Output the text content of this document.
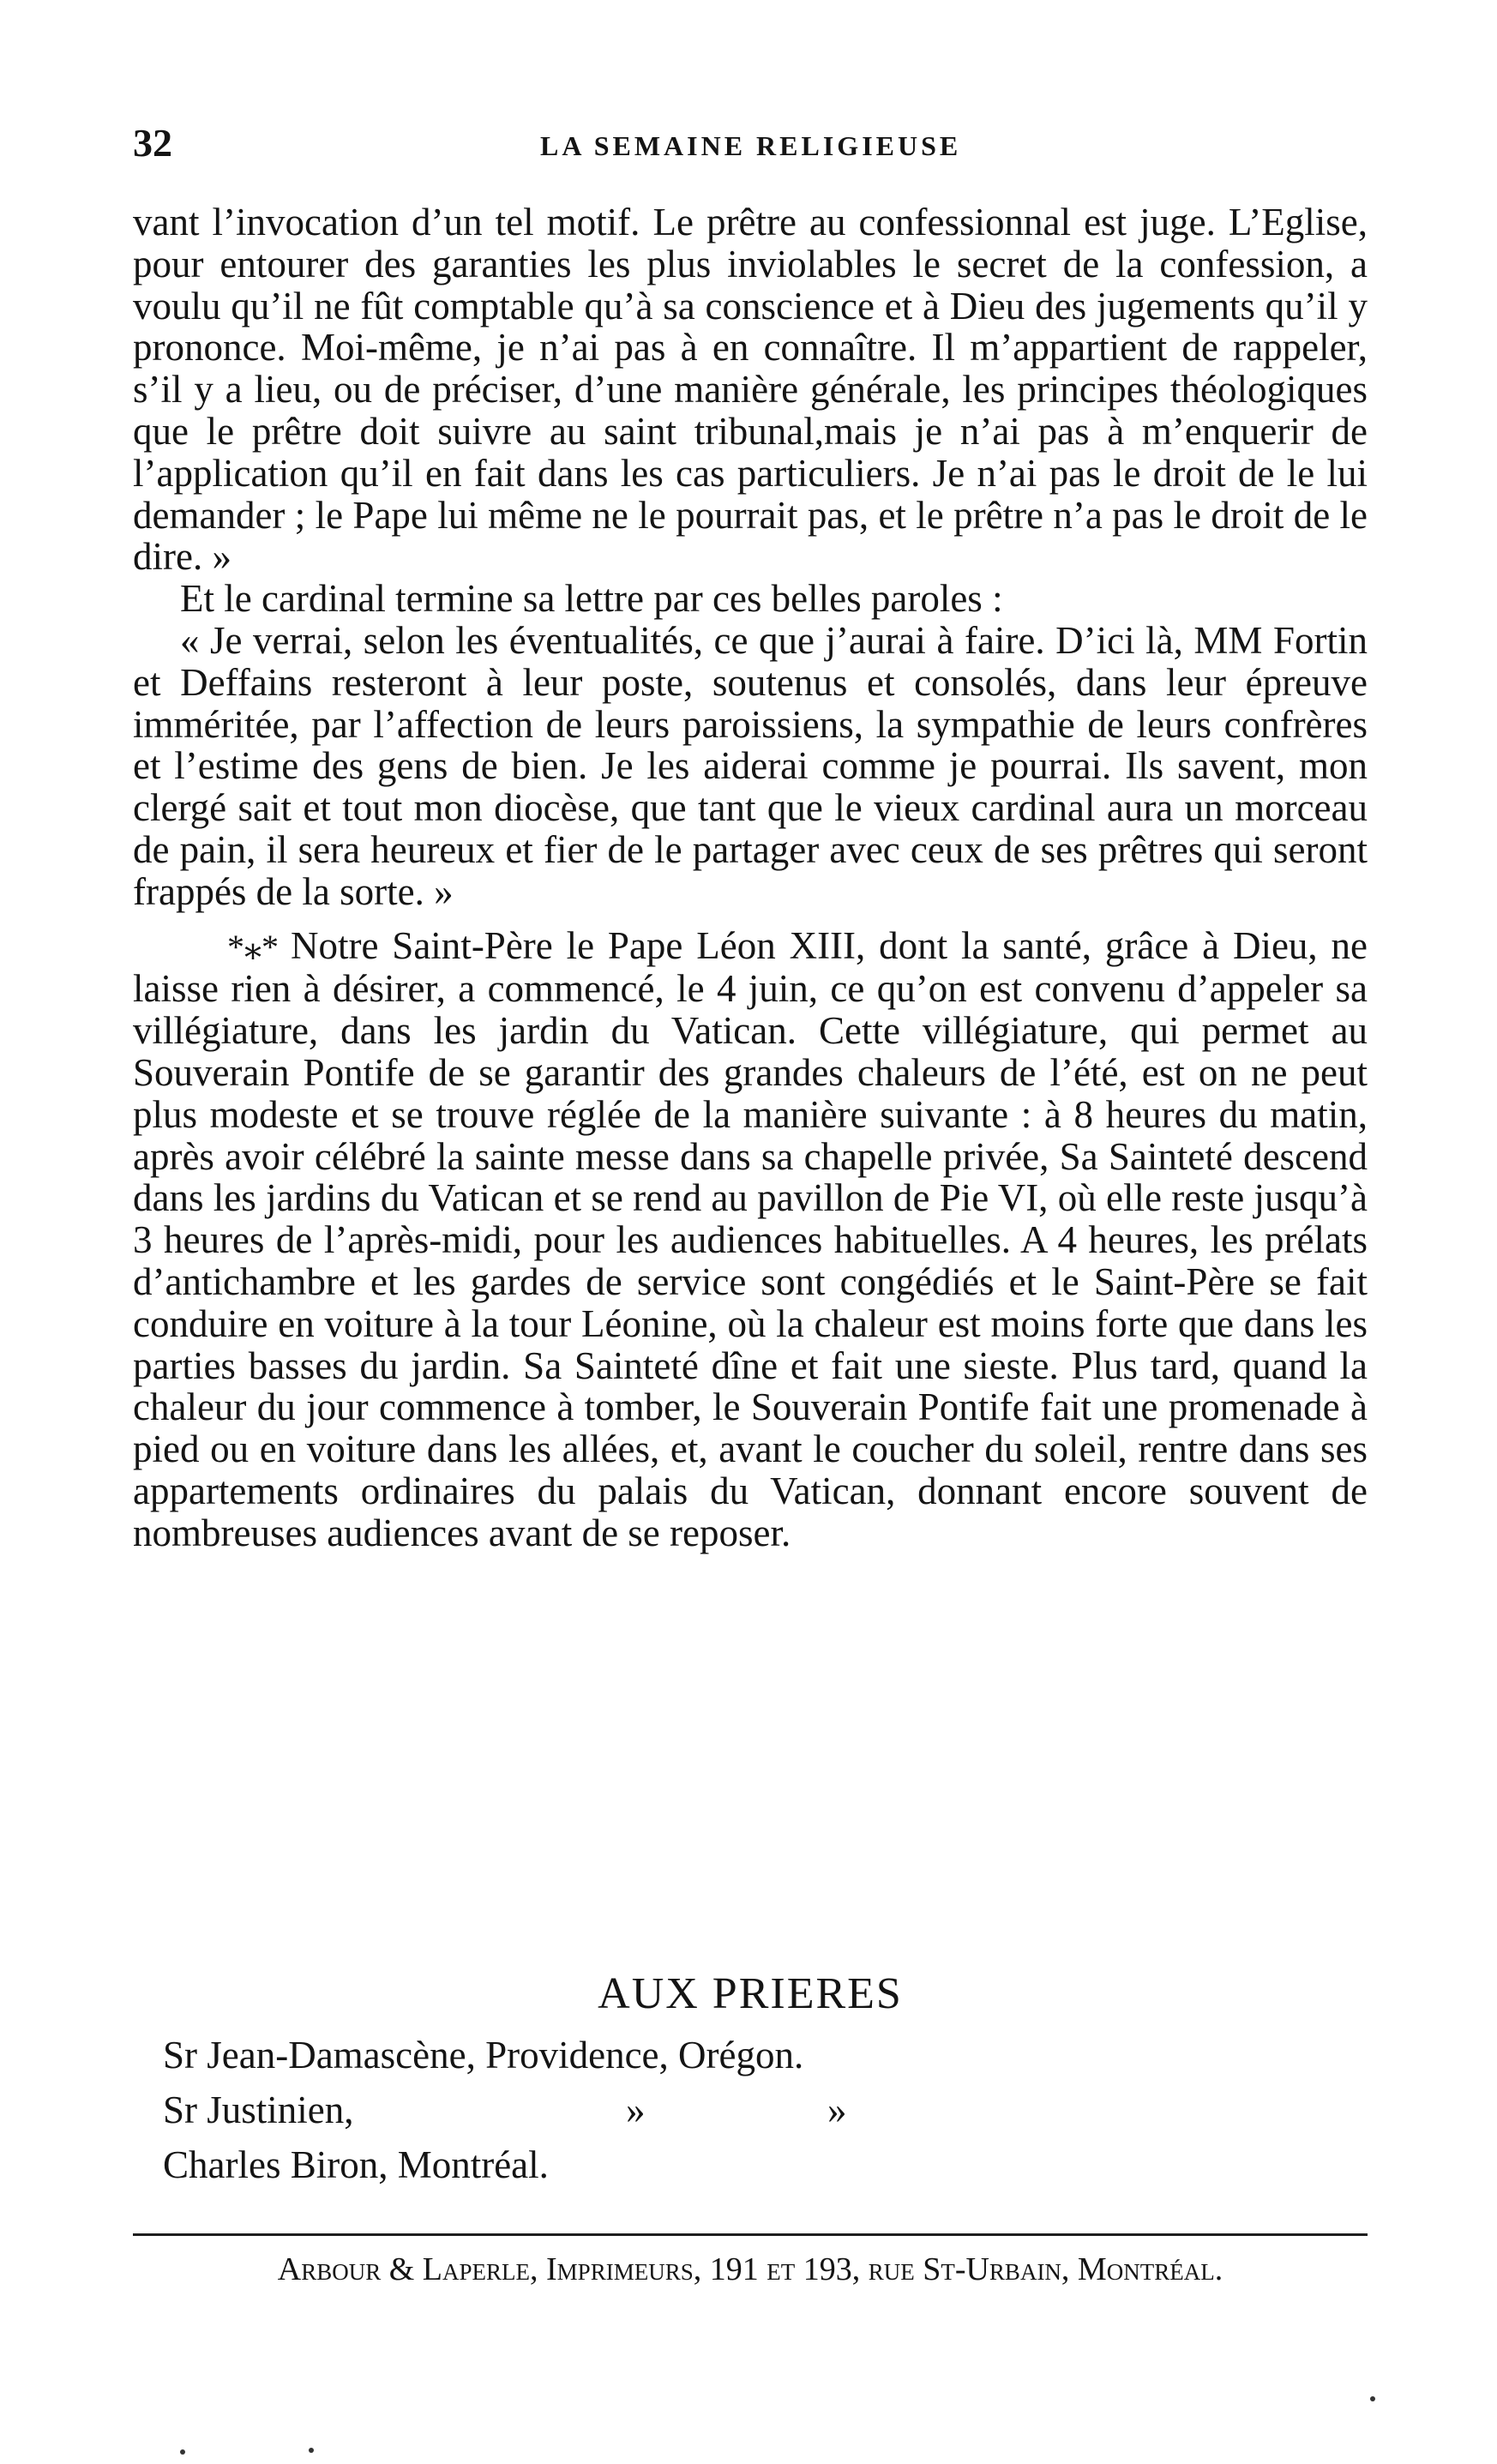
32	LA SEMAINE RELIGIEUSE

vant l’invocation d’un tel motif. Le prêtre au confessionnal est juge. L’Eglise, pour entourer des garanties les plus inviolables le secret de la confession, a voulu qu’il ne fût comptable qu’à sa conscience et à Dieu des jugements qu’il y prononce. Moi-même, je n’ai pas à en connaître. Il m’appartient de rappeler, s’il y a lieu, ou de préciser, d’une manière générale, les principes théologiques que le prêtre doit suivre au saint tribunal,mais je n’ai pas à m’enquerir de l’application qu’il en fait dans les cas particuliers. Je n’ai pas le droit de le lui demander ; le Pape lui même ne le pourrait pas, et le prêtre n’a pas le droit de le dire. »

Et le cardinal termine sa lettre par ces belles paroles :

« Je verrai, selon les éventualités, ce que j’aurai à faire. D’ici là, MM Fortin et Deffains resteront à leur poste, soutenus et consolés, dans leur épreuve imméritée, par l’affection de leurs paroissiens, la sympathie de leurs confrères et l’estime des gens de bien. Je les aiderai comme je pourrai. Ils savent, mon clergé sait et tout mon diocèse, que tant que le vieux cardinal aura un morceau de pain, il sera heureux et fier de le partager avec ceux de ses prêtres qui seront frappés de la sorte. »

*⁎* Notre Saint-Père le Pape Léon XIII, dont la santé, grâce à Dieu, ne laisse rien à désirer, a commencé, le 4 juin, ce qu’on est convenu d’appeler sa villégiature, dans les jardin du Vatican. Cette villégiature, qui permet au Souverain Pontife de se garantir des grandes chaleurs de l’été, est on ne peut plus modeste et se trouve réglée de la manière suivante : à 8 heures du matin, après avoir célébré la sainte messe dans sa chapelle privée, Sa Sainteté descend dans les jardins du Vatican et se rend au pavillon de Pie VI, où elle reste jusqu’à 3 heures de l’après-midi, pour les audiences habituelles. A 4 heures, les prélats d’antichambre et les gardes de service sont congédiés et le Saint-Père se fait conduire en voiture à la tour Léonine, où la chaleur est moins forte que dans les parties basses du jardin. Sa Sainteté dîne et fait une sieste. Plus tard, quand la chaleur du jour commence à tomber, le Souverain Pontife fait une promenade à pied ou en voiture dans les allées, et, avant le coucher du soleil, rentre dans ses appartements ordinaires du palais du Vatican, donnant encore souvent de nombreuses audiences avant de se reposer.

AUX PRIERES
Sr Jean-Damascène, Providence, Orégon.
Sr Justinien,	»	»
Charles Biron, Montréal.
Arbour & Laperle, Imprimeurs, 191 et 193, rue St-Urbain, Montréal.
